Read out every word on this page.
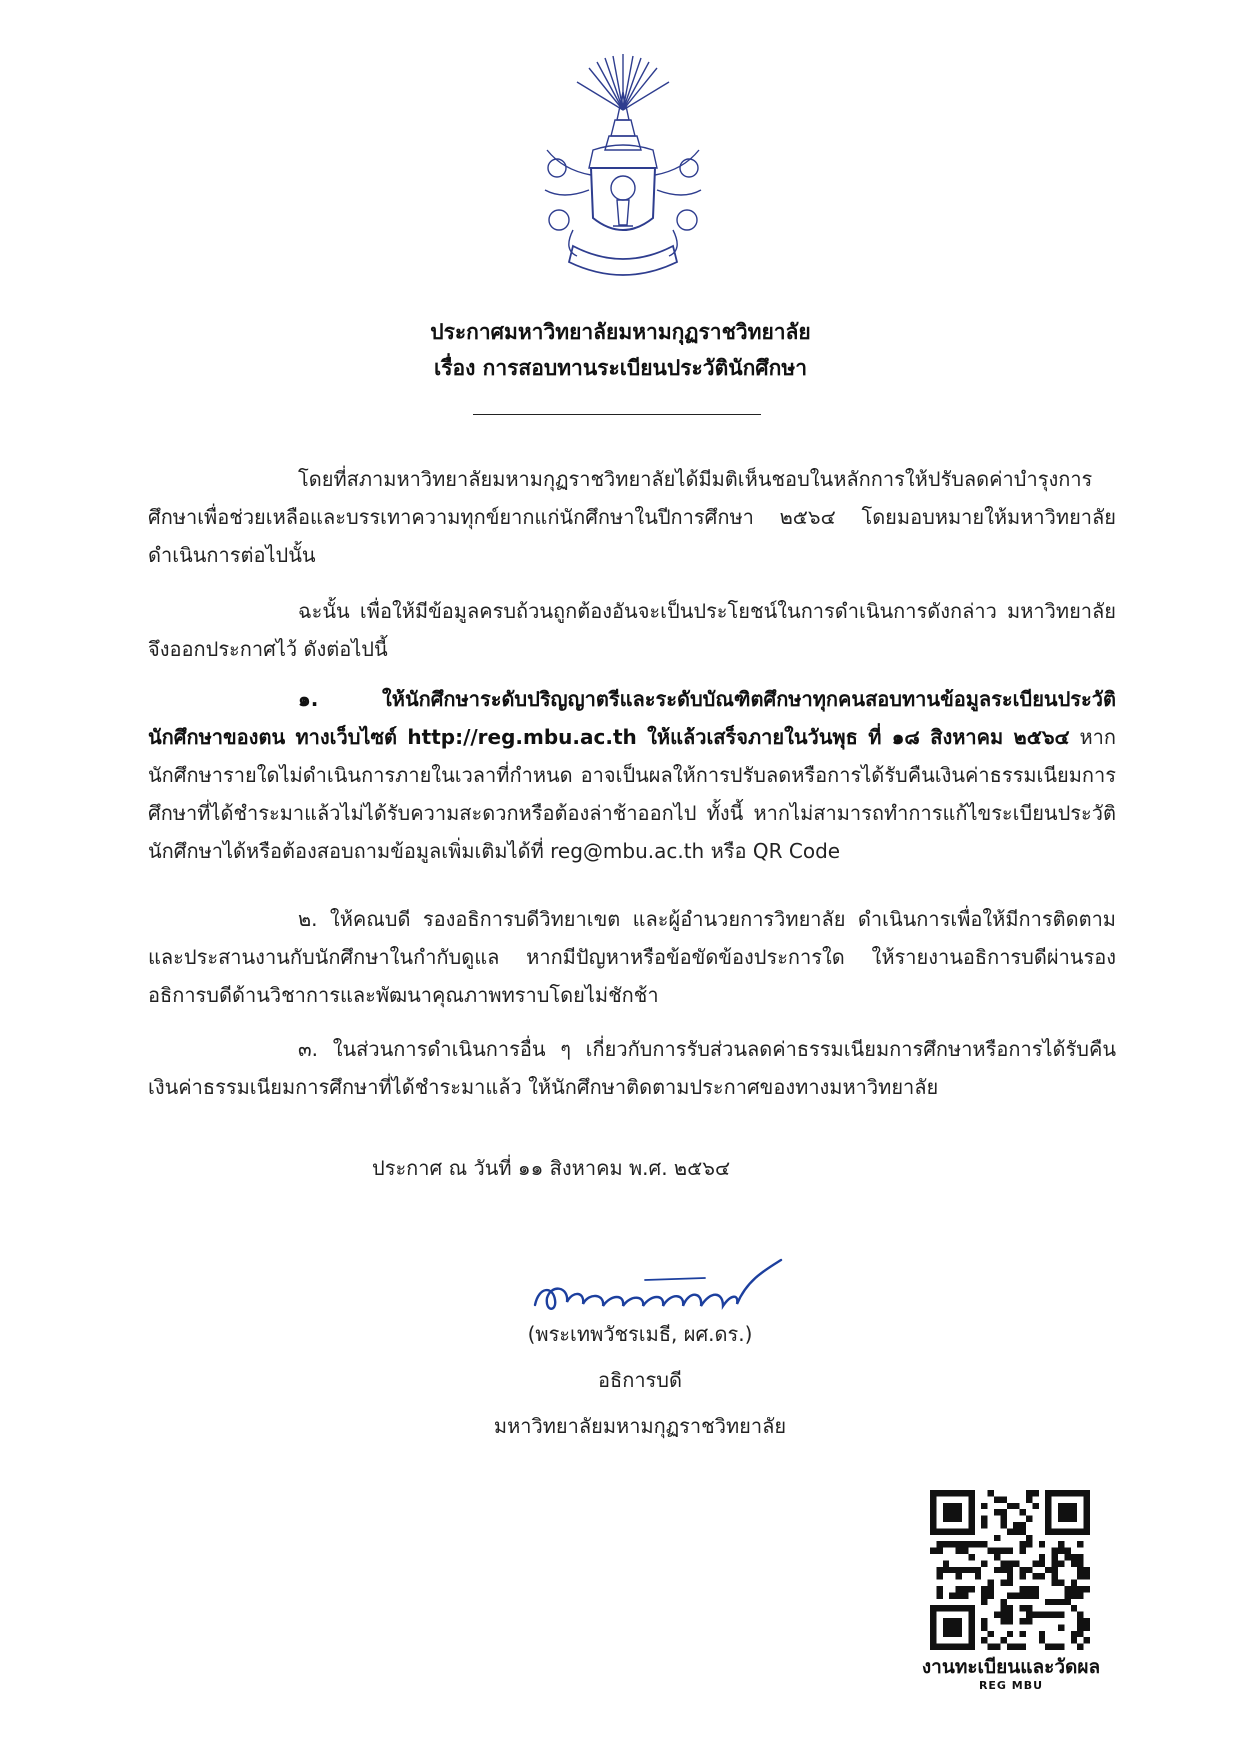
ประกาศมหาวิทยาลัยมหามกุฏราชวิทยาลัย
เรื่อง การสอบทานระเบียนประวัตินักศึกษา
โดยที่สภามหาวิทยาลัยมหามกุฏราชวิทยาลัยได้มีมติเห็นชอบในหลักการให้ปรับลดค่าบำรุงการศึกษาเพื่อช่วยเหลือและบรรเทาความทุกข์ยากแก่นักศึกษาในปีการศึกษา ๒๕๖๔ โดยมอบหมายให้มหาวิทยาลัยดำเนินการต่อไปนั้น
ฉะนั้น เพื่อให้มีข้อมูลครบถ้วนถูกต้องอันจะเป็นประโยชน์ในการดำเนินการดังกล่าว มหาวิทยาลัยจึงออกประกาศไว้ ดังต่อไปนี้
๑. ให้นักศึกษาระดับปริญญาตรีและระดับบัณฑิตศึกษาทุกคนสอบทานข้อมูลระเบียนประวัตินักศึกษาของตน ทางเว็บไซต์ http://reg.mbu.ac.th ให้แล้วเสร็จภายในวันพุธ ที่ ๑๘ สิงหาคม ๒๕๖๔ หากนักศึกษารายใดไม่ดำเนินการภายในเวลาที่กำหนด อาจเป็นผลให้การปรับลดหรือการได้รับคืนเงินค่าธรรมเนียมการศึกษาที่ได้ชำระมาแล้วไม่ได้รับความสะดวกหรือต้องล่าช้าออกไป ทั้งนี้ หากไม่สามารถทำการแก้ไขระเบียนประวัตินักศึกษาได้หรือต้องสอบถามข้อมูลเพิ่มเติมได้ที่ reg@mbu.ac.th หรือ QR Code
๒. ให้คณบดี รองอธิการบดีวิทยาเขต และผู้อำนวยการวิทยาลัย ดำเนินการเพื่อให้มีการติดตามและประสานงานกับนักศึกษาในกำกับดูแล หากมีปัญหาหรือข้อขัดข้องประการใด ให้รายงานอธิการบดีผ่านรองอธิการบดีด้านวิชาการและพัฒนาคุณภาพทราบโดยไม่ชักช้า
๓. ในส่วนการดำเนินการอื่น ๆ เกี่ยวกับการรับส่วนลดค่าธรรมเนียมการศึกษาหรือการได้รับคืนเงินค่าธรรมเนียมการศึกษาที่ได้ชำระมาแล้ว ให้นักศึกษาติดตามประกาศของทางมหาวิทยาลัย
ประกาศ ณ วันที่ ๑๑ สิงหาคม พ.ศ. ๒๕๖๔
(พระเทพวัชรเมธี, ผศ.ดร.)
อธิการบดี
มหาวิทยาลัยมหามกุฏราชวิทยาลัย
งานทะเบียนและวัดผล
REG MBU
